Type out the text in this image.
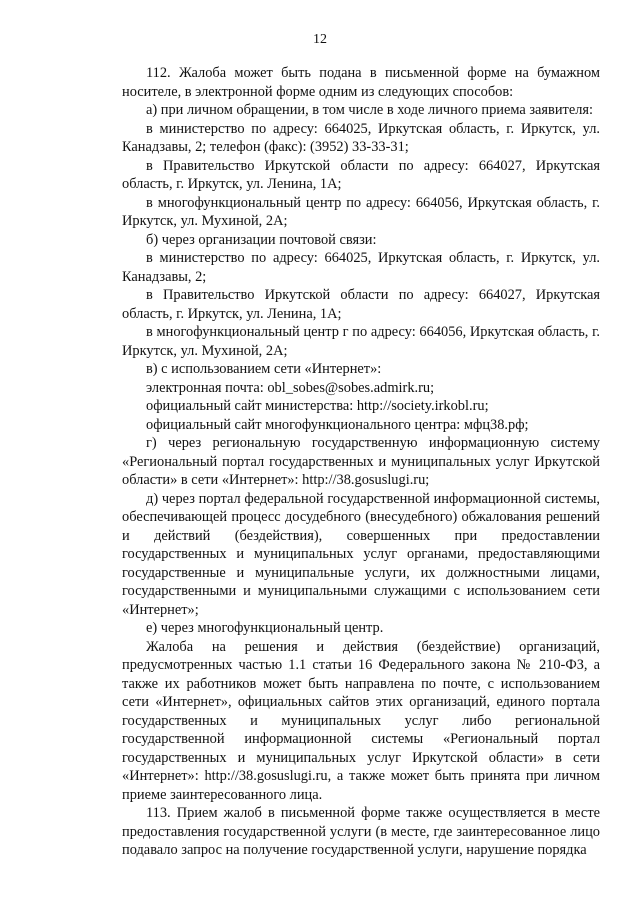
12

112. Жалоба может быть подана в письменной форме на бумажном носителе, в электронной форме одним из следующих способов:

а) при личном обращении, в том числе в ходе личного приема заявителя:

в министерство по адресу: 664025, Иркутская область, г. Иркутск, ул. Канадзавы, 2; телефон (факс): (3952) 33-33-31;

в Правительство Иркутской области по адресу: 664027, Иркутская область, г. Иркутск, ул. Ленина, 1А;

в многофункциональный центр по адресу: 664056, Иркутская область, г. Иркутск, ул. Мухиной, 2А;

б) через организации почтовой связи:

в министерство по адресу: 664025, Иркутская область, г. Иркутск, ул. Канадзавы, 2;

в Правительство Иркутской области по адресу: 664027, Иркутская область, г. Иркутск, ул. Ленина, 1А;

в многофункциональный центр г по адресу: 664056, Иркутская область, г. Иркутск, ул. Мухиной, 2А;

в) с использованием сети «Интернет»:

электронная почта: obl_sobes@sobes.admirk.ru;

официальный сайт министерства: http://society.irkobl.ru;

официальный сайт многофункционального центра: мфц38.рф;

г) через региональную государственную информационную систему «Региональный портал государственных и муниципальных услуг Иркутской области» в сети «Интернет»: http://38.gosuslugi.ru;

д) через портал федеральной государственной информационной системы, обеспечивающей процесс досудебного (внесудебного) обжалования решений и действий (бездействия), совершенных при предоставлении государственных и муниципальных услуг органами, предоставляющими государственные и муниципальные услуги, их должностными лицами, государственными и муниципальными служащими с использованием сети «Интернет»;

е) через многофункциональный центр.

Жалоба на решения и действия (бездействие) организаций, предусмотренных частью 1.1 статьи 16 Федерального закона № 210-ФЗ, а также их работников может быть направлена по почте, с использованием сети «Интернет», официальных сайтов этих организаций, единого портала государственных и муниципальных услуг либо региональной государственной информационной системы «Региональный портал государственных и муниципальных услуг Иркутской области» в сети «Интернет»: http://38.gosuslugi.ru, а также может быть принята при личном приеме заинтересованного лица.

113. Прием жалоб в письменной форме также осуществляется в месте предоставления государственной услуги (в месте, где заинтересованное лицо подавало запрос на получение государственной услуги, нарушение порядка
